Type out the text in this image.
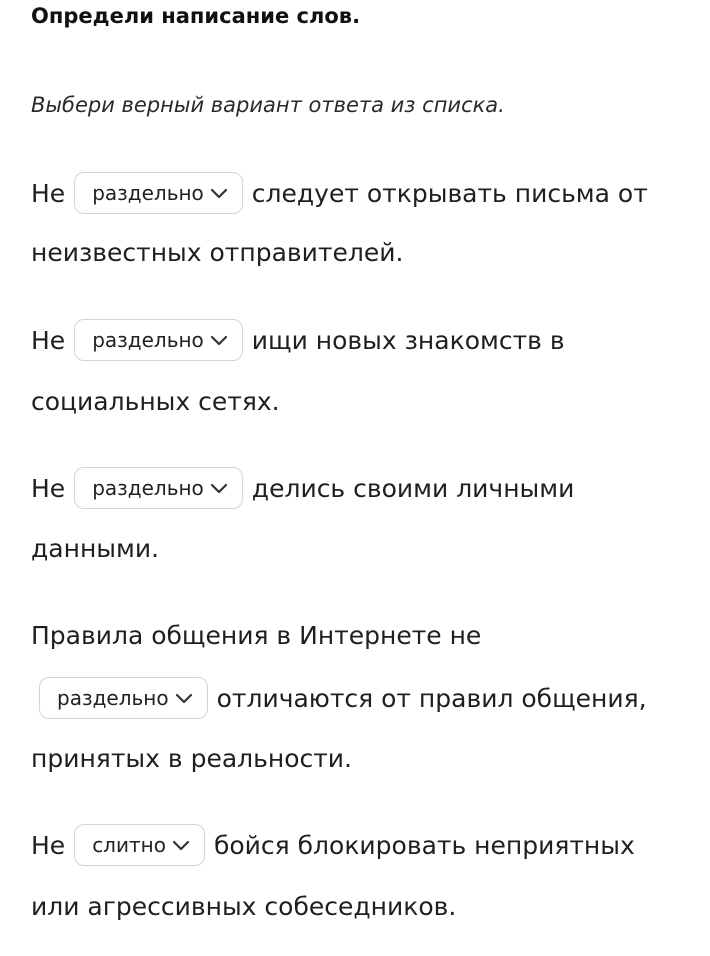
Определи написание слов.
Выбери верный вариант ответа из списка.
Не раздельно следует открывать письма от
неизвестных отправителей.
Не раздельно ищи новых знакомств в
социальных сетях.
Не раздельно делись своими личными
данными.
Правила общения в Интернете не
раздельно отличаются от правил общения,
принятых в реальности.
Не слитно бойся блокировать неприятных
или агрессивных собеседников.
